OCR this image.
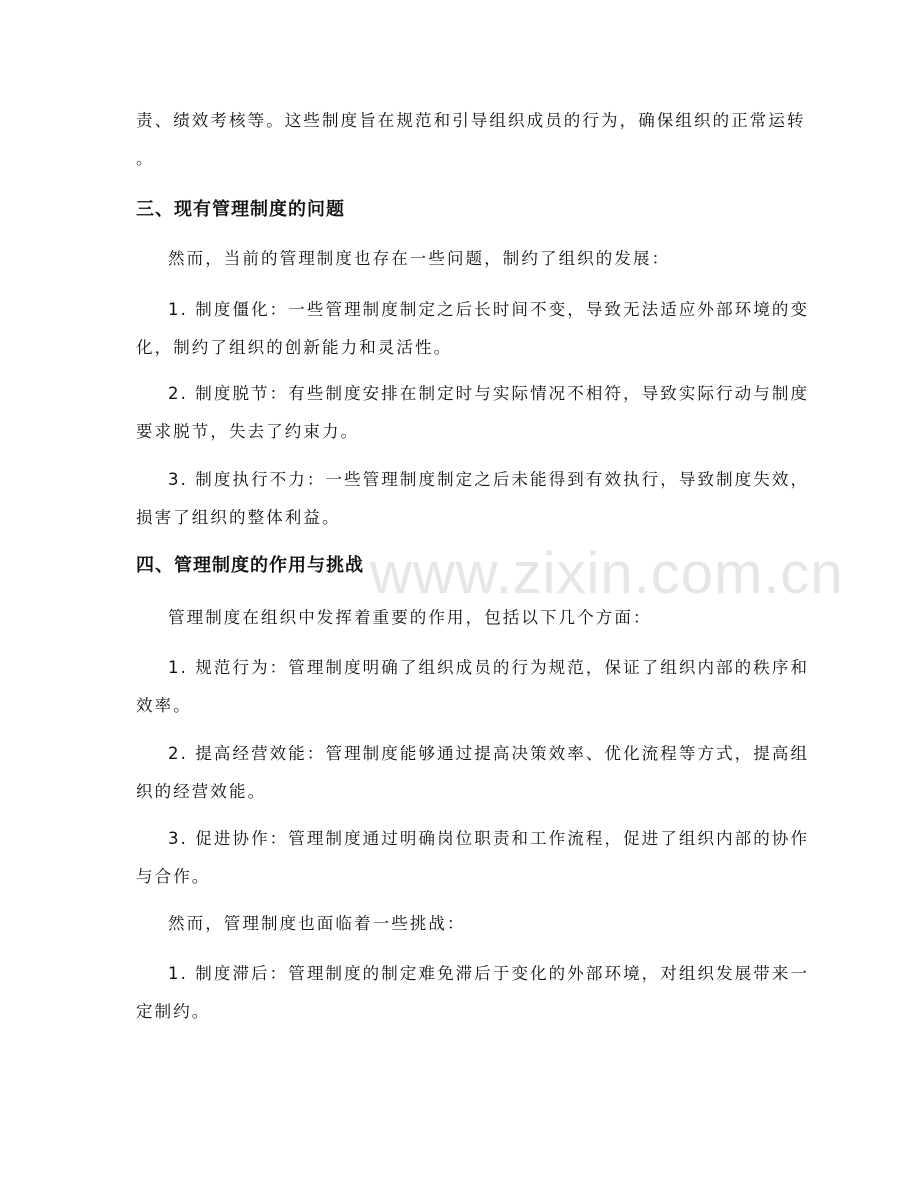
www.zixin.com.cn
责、绩效考核等。这些制度旨在规范和引导组织成员的行为，确保组织的正常运转
。
三、现有管理制度的问题
然而，当前的管理制度也存在一些问题，制约了组织的发展：
1. 制度僵化：一些管理制度制定之后长时间不变，导致无法适应外部环境的变
化，制约了组织的创新能力和灵活性。
2. 制度脱节：有些制度安排在制定时与实际情况不相符，导致实际行动与制度
要求脱节，失去了约束力。
3. 制度执行不力：一些管理制度制定之后未能得到有效执行，导致制度失效，
损害了组织的整体利益。
四、管理制度的作用与挑战
管理制度在组织中发挥着重要的作用，包括以下几个方面：
1. 规范行为：管理制度明确了组织成员的行为规范，保证了组织内部的秩序和
效率。
2. 提高经营效能：管理制度能够通过提高决策效率、优化流程等方式，提高组
织的经营效能。
3. 促进协作：管理制度通过明确岗位职责和工作流程，促进了组织内部的协作
与合作。
然而，管理制度也面临着一些挑战：
1. 制度滞后：管理制度的制定难免滞后于变化的外部环境，对组织发展带来一
定制约。
